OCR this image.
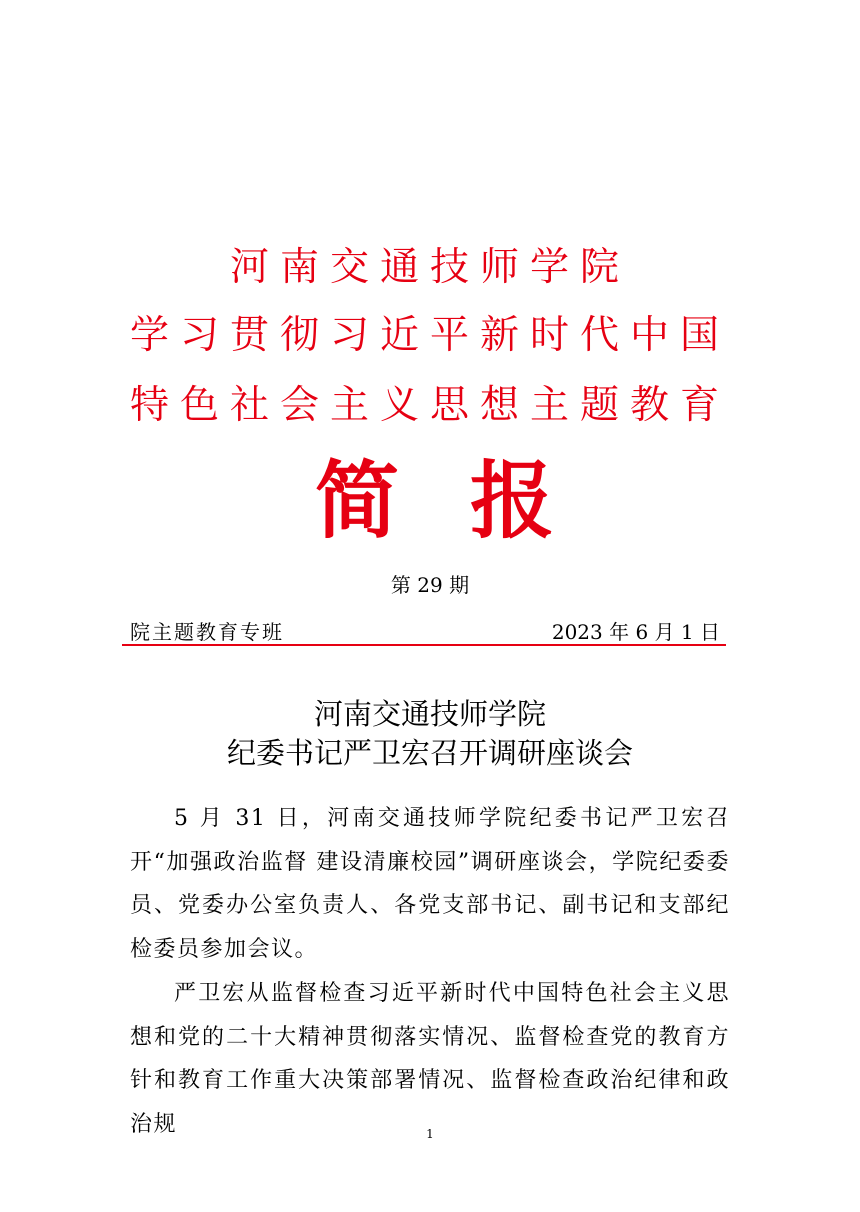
河南交通技师学院
学习贯彻习近平新时代中国
特色社会主义思想主题教育
简 报
第 29 期
院主题教育专班	2023 年 6 月 1 日
河南交通技师学院
纪委书记严卫宏召开调研座谈会

5 月 31 日，河南交通技师学院纪委书记严卫宏召开“加强政治监督 建设清廉校园”调研座谈会，学院纪委委员、党委办公室负责人、各党支部书记、副书记和支部纪检委员参加会议。

严卫宏从监督检查习近平新时代中国特色社会主义思想和党的二十大精神贯彻落实情况、监督检查党的教育方针和教育工作重大决策部署情况、监督检查政治纪律和政治规	1
